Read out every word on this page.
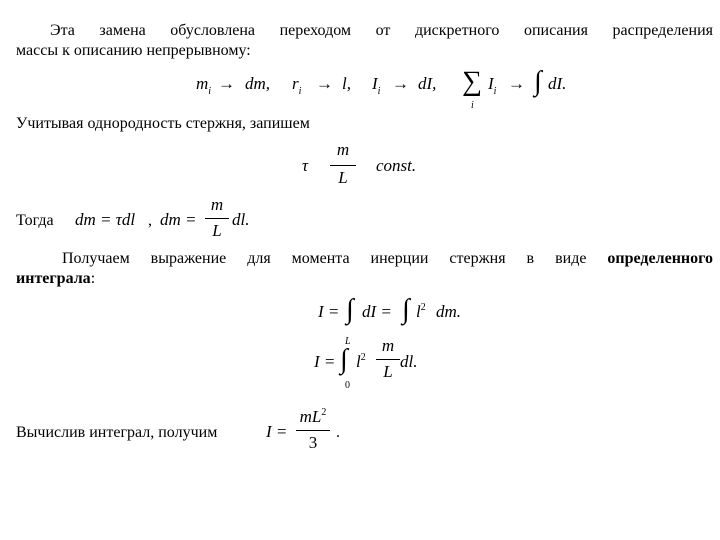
Эта замена обусловлена переходом от дискретного описания распределения
массы к описанию непрерывному:
$m_i$ → dm, $r_i \to l$, $I_i$ → dI, ∑
i
$I_i$ → ∫ dI.
Учитывая однородность стержня, запишем
τ
m
L
const.
Тогда dm = τdl , dm =
m
L
dl.
Получаем выражение для момента инерции стержня в виде определенного
интеграла:
I = ∫ dI = ∫ $l^2$ dm.
I =
L
∫
0
$l^2$
m
L
dl.
Вычислив интеграл, получим	I =
$mL^2$
3
.
